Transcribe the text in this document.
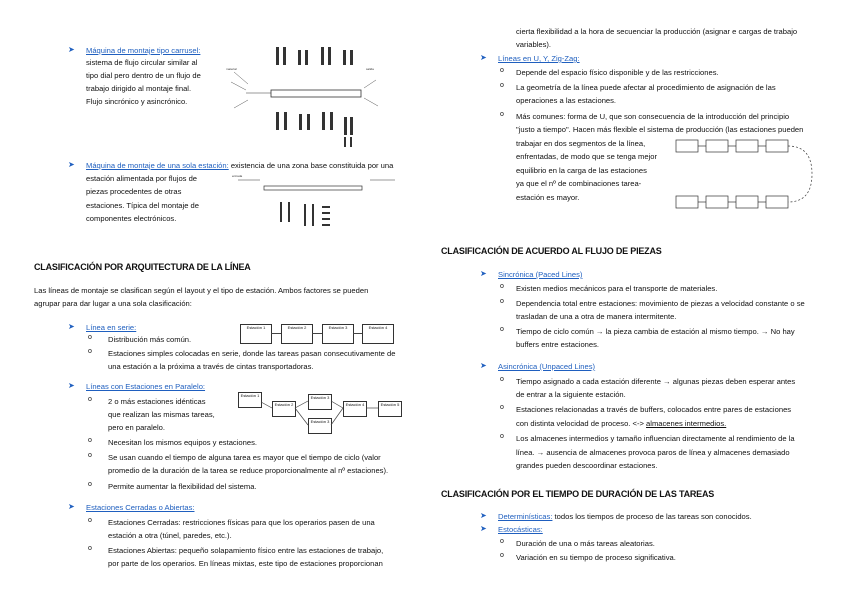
➤ Máquina de montaje tipo carrusel:
sistema de flujo circular similar al
tipo dial pero dentro de un flujo de
trabajo dirigido al montaje final.
Flujo sincrónico y asincrónico.
material	salida
➤ Máquina de montaje de una sola estación: existencia de una zona base constituida por una
estación alimentada por flujos de
piezas procedentes de otras
estaciones. Típica del montaje de
componentes electrónicos.
entrada
CLASIFICACIÓN POR ARQUITECTURA DE LA LÍNEA
Las líneas de montaje se clasifican según el layout y el tipo de estación. Ambos factores se pueden
agrupar para dar lugar a una sola clasificación:
➤ Línea en serie:
o Distribución más común.
o Estaciones simples colocadas en serie, donde las tareas pasan consecutivamente de
una estación a la próxima a través de cintas transportadoras.
Estación 1	Estación 2	Estación 3	Estación 4
➤ Líneas con Estaciones en Paralelo:
o 2 o más estaciones idénticas
que realizan las mismas tareas,
pero en paralelo.
o Necesitan los mismos equipos y estaciones.
o Se usan cuando el tiempo de alguna tarea es mayor que el tiempo de ciclo (valor
promedio de la duración de la tarea se reduce proporcionalmente al nº estaciones).
o Permite aumentar la flexibilidad del sistema.
Estación 1
Estación 2
Estación 3
Estación 3
Estación 4	Estación 5
➤ Estaciones Cerradas o Abiertas:
o Estaciones Cerradas: restricciones físicas para que los operarios pasen de una
estación a otra (túnel, paredes, etc.).
o Estaciones Abiertas: pequeño solapamiento físico entre las estaciones de trabajo,
por parte de los operarios. En líneas mixtas, este tipo de estaciones proporcionan
cierta flexibilidad a la hora de secuenciar la producción (asignar e cargas de trabajo
variables).
➤ Líneas en U, Y, Zig-Zag:
o Depende del espacio físico disponible y de las restricciones.
o La geometría de la línea puede afectar al procedimiento de asignación de las
operaciones a las estaciones.
o Más comunes: forma de U, que son consecuencia de la introducción del principio
"justo a tiempo". Hacen más flexible el sistema de producción (las estaciones pueden
trabajar en dos segmentos de la línea,
enfrentadas, de modo que se tenga mejor
equilibrio en la carga de las estaciones
ya que el nº de combinaciones tarea-
estación es mayor.
CLASIFICACIÓN DE ACUERDO AL FLUJO DE PIEZAS
➤ Sincrónica (Paced Lines)
o Existen medios mecánicos para el transporte de materiales.
o Dependencia total entre estaciones: movimiento de piezas a velocidad constante o se
trasladan de una a otra de manera intermitente.
o Tiempo de ciclo común → la pieza cambia de estación al mismo tiempo. → No hay
buffers entre estaciones.
➤ Asincrónica (Unpaced Lines)
o Tiempo asignado a cada estación diferente → algunas piezas deben esperar antes
de entrar a la siguiente estación.
o Estaciones relacionadas a través de buffers, colocados entre pares de estaciones
con distinta velocidad de proceso. <-> almacenes intermedios.
o Los almacenes intermedios y tamaño influencian directamente al rendimiento de la
línea. → ausencia de almacenes provoca paros de línea y almacenes demasiado
grandes pueden descoordinar estaciones.
CLASIFICACIÓN POR EL TIEMPO DE DURACIÓN DE LAS TAREAS
➤ Determinísticas: todos los tiempos de proceso de las tareas son conocidos.
➤ Estocásticas:
o Duración de una o más tareas aleatorias.
o Variación en su tiempo de proceso significativa.
